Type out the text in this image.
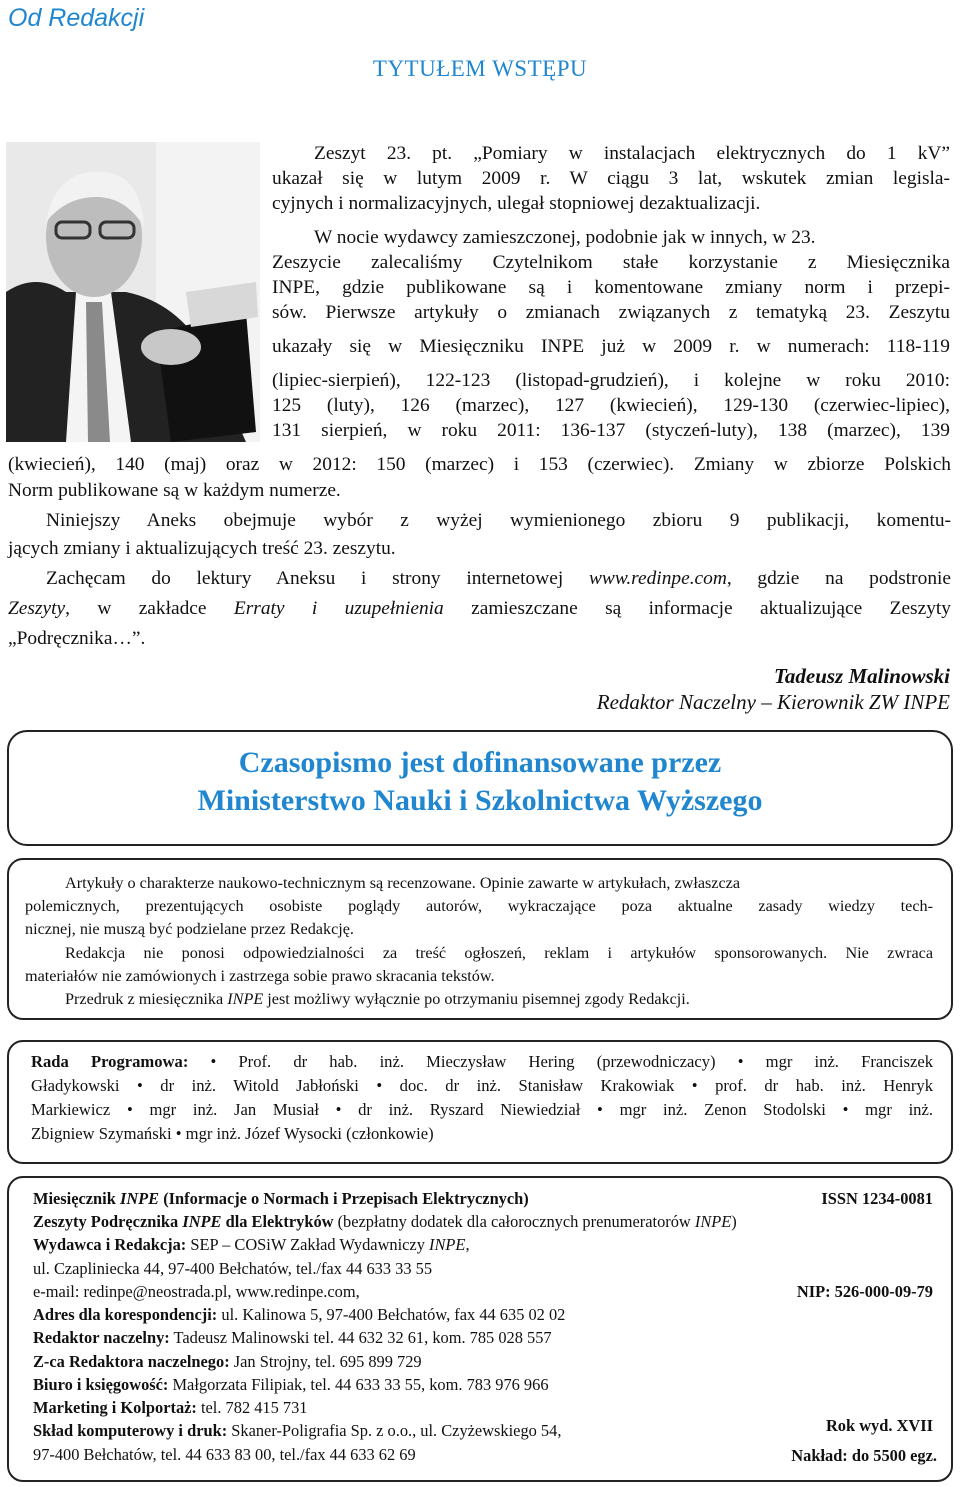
Od Redakcji
TYTUŁEM WSTĘPU
Zeszyt 23. pt. „Pomiary w instalacjach elektrycznych do 1 kV”
ukazał się w lutym 2009 r. W ciągu 3 lat, wskutek zmian legisla-
cyjnych i normalizacyjnych, ulegał stopniowej dezaktualizacji.
W nocie wydawcy zamieszczonej, podobnie jak w innych, w 23.
Zeszycie zalecaliśmy Czytelnikom stałe korzystanie z Miesięcznika
INPE, gdzie publikowane są i komentowane zmiany norm i przepi-
sów. Pierwsze artykuły o zmianach związanych z tematyką 23. Zeszytu
ukazały się w Miesięczniku INPE już w 2009 r. w numerach: 118-119
(lipiec-sierpień), 122-123 (listopad-grudzień), i kolejne w roku 2010:
125 (luty), 126 (marzec), 127 (kwiecień), 129-130 (czerwiec-lipiec),
131 sierpień, w roku 2011: 136-137 (styczeń-luty), 138 (marzec), 139
(kwiecień), 140 (maj) oraz w 2012: 150 (marzec) i 153 (czerwiec). Zmiany w zbiorze Polskich
Norm publikowane są w każdym numerze.
Niniejszy Aneks obejmuje wybór z wyżej wymienionego zbioru 9 publikacji, komentu-
jących zmiany i aktualizujących treść 23. zeszytu.
Zachęcam do lektury Aneksu i strony internetowej www.redinpe.com, gdzie na podstronie
Zeszyty, w zakładce Erraty i uzupełnienia zamieszczane są informacje aktualizujące Zeszyty
„Podręcznika…”.
Tadeusz Malinowski
Redaktor Naczelny – Kierownik ZW INPE
Czasopismo jest dofinansowane przez
Ministerstwo Nauki i Szkolnictwa Wyższego
Artykuły o charakterze naukowo-technicznym są recenzowane. Opinie zawarte w artykułach, zwłaszcza
polemicznych, prezentujących osobiste poglądy autorów, wykraczające poza aktualne zasady wiedzy tech-
nicznej, nie muszą być podzielane przez Redakcję.
Redakcja nie ponosi odpowiedzialności za treść ogłoszeń, reklam i artykułów sponsorowanych. Nie zwraca
materiałów nie zamówionych i zastrzega sobie prawo skracania tekstów.
Przedruk z miesięcznika INPE jest możliwy wyłącznie po otrzymaniu pisemnej zgody Redakcji.
Rada Programowa: • Prof. dr hab. inż. Mieczysław Hering (przewodniczacy) • mgr inż. Franciszek
Gładykowski • dr inż. Witold Jabłoński • doc. dr inż. Stanisław Krakowiak • prof. dr hab. inż. Henryk
Markiewicz • mgr inż. Jan Musiał • dr inż. Ryszard Niewiedział • mgr inż. Zenon Stodolski • mgr inż.
Zbigniew Szymański • mgr inż. Józef Wysocki (członkowie)
Miesięcznik INPE (Informacje o Normach i Przepisach Elektrycznych)	ISSN 1234-0081
Zeszyty Podręcznika INPE dla Elektryków (bezpłatny dodatek dla całorocznych prenumeratorów INPE)
Wydawca i Redakcja: SEP – COSiW Zakład Wydawniczy INPE,
ul. Czapliniecka 44, 97-400 Bełchatów, tel./fax 44 633 33 55
e-mail: redinpe@neostrada.pl, www.redinpe.com,	NIP: 526-000-09-79
Adres dla korespondencji: ul. Kalinowa 5, 97-400 Bełchatów, fax 44 635 02 02
Redaktor naczelny: Tadeusz Malinowski tel. 44 632 32 61, kom. 785 028 557
Z-ca Redaktora naczelnego: Jan Strojny, tel. 695 899 729
Biuro i księgowość: Małgorzata Filipiak, tel. 44 633 33 55, kom. 783 976 966
Marketing i Kolportaż: tel. 782 415 731
Skład komputerowy i druk: Skaner-Poligrafia Sp. z o.o., ul. Czyżewskiego 54,
97-400 Bełchatów, tel. 44 633 83 00, tel./fax 44 633 62 69
Rok wyd. XVII
Nakład: do 5500 egz.
